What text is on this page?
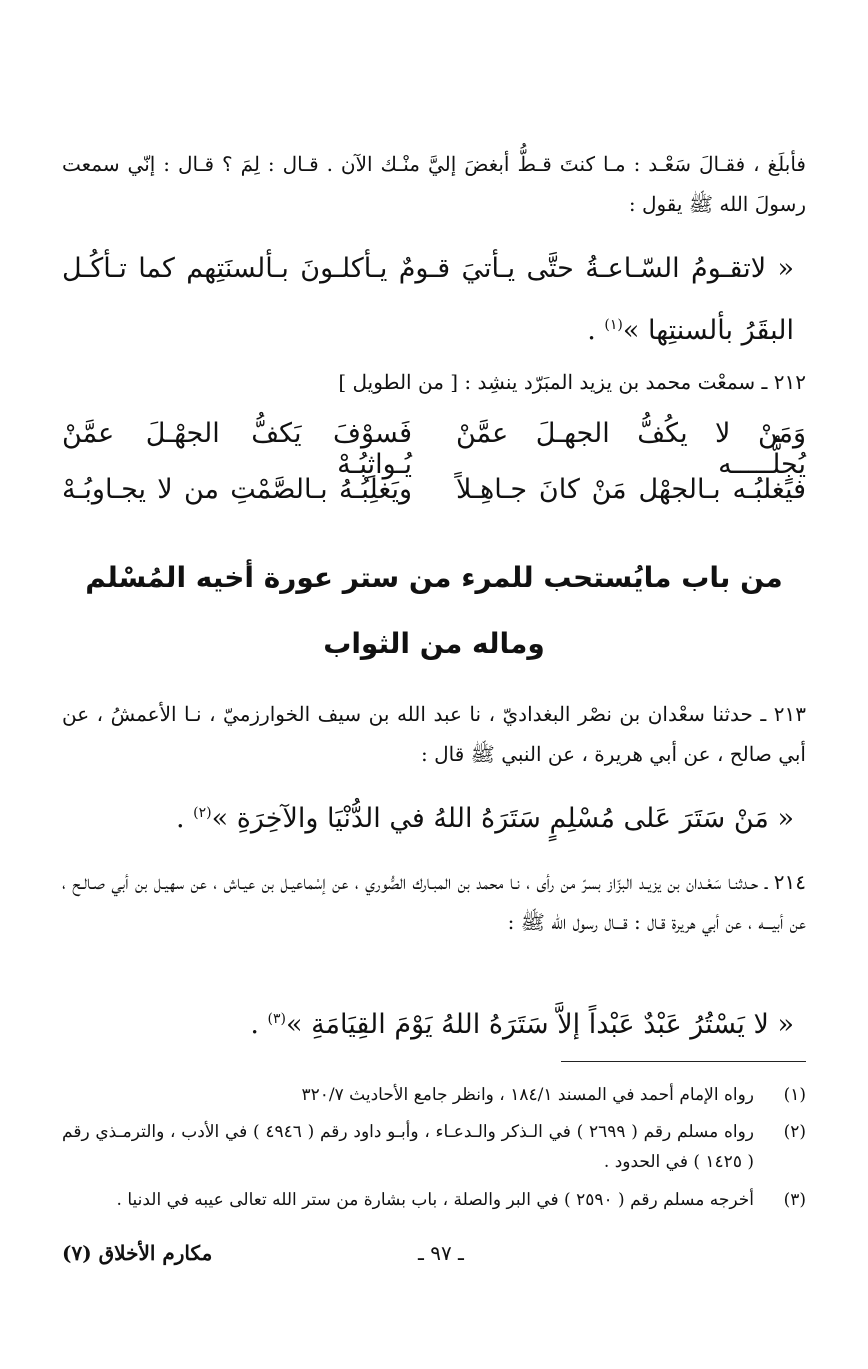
فأبلَغ ، فقـالَ سَعْـد : مـا كنتَ قـطُّ أبغضَ إليَّ منْـك الآن . قـال : لِمَ ؟ قـال : إنّي سمعت رسولَ الله ﷺ يقول :
« لاتقـومُ السّـاعـةُ حتَّى يـأتيَ قـومٌ يـأكلـونَ بـألسنَتِهم كما تـأكُـل البقَرُ بألسنتِها »$^{(١)}$ .
٢١٢ ـ سمعْت محمد بن يزيد المبَرّد ينشِد : [ من الطويل ]
وَمَنْ لا يكُفُّ الجهـلَ عمَّنْ يُجِلُّـــــه
فَسوْفَ يَكفُّ الجهْـلَ عمَّنْ يُـواثِبُـهْ
فيَغلبُـه بـالجهْل مَنْ كانَ جـاهِـلاً
ويَغلِبُـهُ بـالصَّمْتِ من لا يجـاوبُـهْ
من باب مايُستحب للمرء من ستر عورة أخيه المُسْلم
وماله من الثواب
٢١٣ ـ حدثنا سعْدان بن نصْر البغداديّ ، نا عبد الله بن سيف الخوارزميّ ، نـا الأعمشُ ، عن أبي صالح ، عن أبي هريرة ، عن النبي ﷺ قال :
« مَنْ سَتَرَ عَلى مُسْلِمٍ سَتَرَهُ اللهُ في الدُّنْيَا والآخِرَةِ »$^{(٢)}$ .
٢١٤ ـ حـدثنـا سَعْـدان بن يزيـد البزّاز بسرّ من رأى ، نـا محمد بن المبـارك الصُّوري ، عن إسْماعيـل بن عيـاش ، عن سهيـل بن أبي صـالـح ، عن أبيـــه ، عن أبي هريرة قـال : قـــال رسول الله ﷺ :
« لا يَسْتُرُ عَبْدٌ عَبْداً إلاَّ سَتَرَهُ اللهُ يَوْمَ القِيَامَةِ »$^{(٣)}$ .
(١)
رواه الإمام أحمد في المسند ١٨٤/١ ، وانظر جامع الأحاديث ٣٢٠/٧
(٢)
رواه مسلم رقم ( ٢٦٩٩ ) في الـذكر والـدعـاء ، وأبـو داود رقم ( ٤٩٤٦ ) في الأدب ، والترمـذي رقم ( ١٤٢٥ ) في الحدود .
(٣)
أخرجه مسلم رقم ( ٢٥٩٠ ) في البر والصلة ، باب بشارة من ستر الله تعالى عيبه في الدنيا .
ـ ٩٧ ـ
مكارم الأخلاق (٧)
